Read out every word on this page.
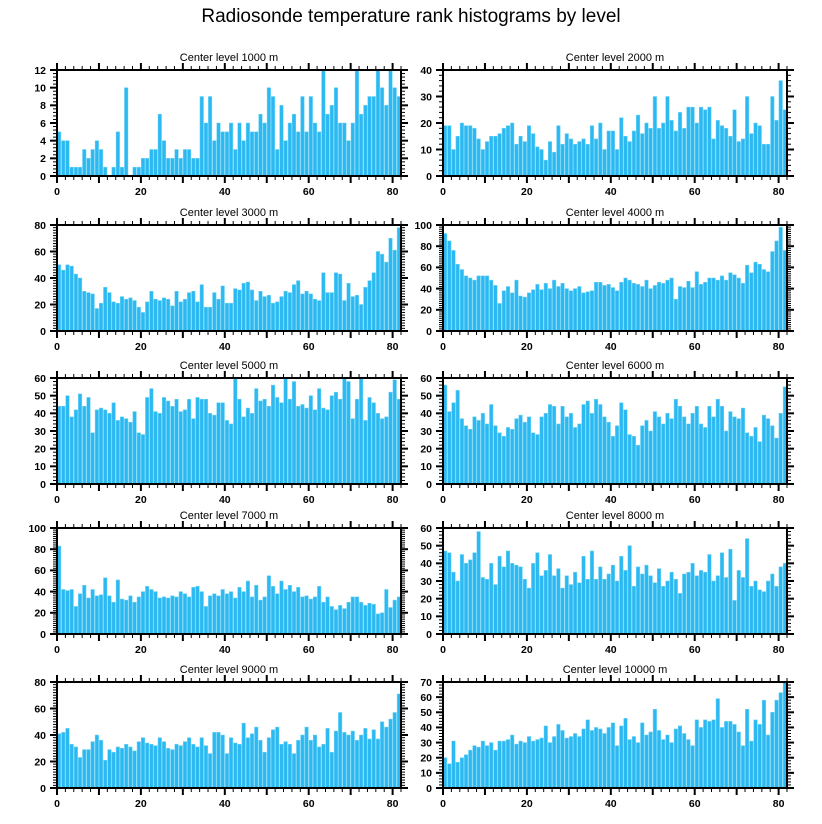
Radiosonde temperature rank histograms by level
Center level 1000 m
0
2
4
6
8
10
12
0	20	40	60	80
Center level 2000 m
0
10
20
30
40
0	20	40	60	80
Center level 3000 m
0
20
40
60
80
0	20	40	60	80
Center level 4000 m
0
20
40
60
80
100
0	20	40	60	80
Center level 5000 m
0
10
20
30
40
50
60
0	20	40	60	80
Center level 6000 m
0
10
20
30
40
50
60
0	20	40	60	80
Center level 7000 m
0
20
40
60
80
100
0	20	40	60	80
Center level 8000 m
0
10
20
30
40
50
60
0	20	40	60	80
Center level 9000 m
0
20
40
60
80
0	20	40	60	80
Center level 10000 m
0
10
20
30
40
50
60
70
0	20	40	60	80
